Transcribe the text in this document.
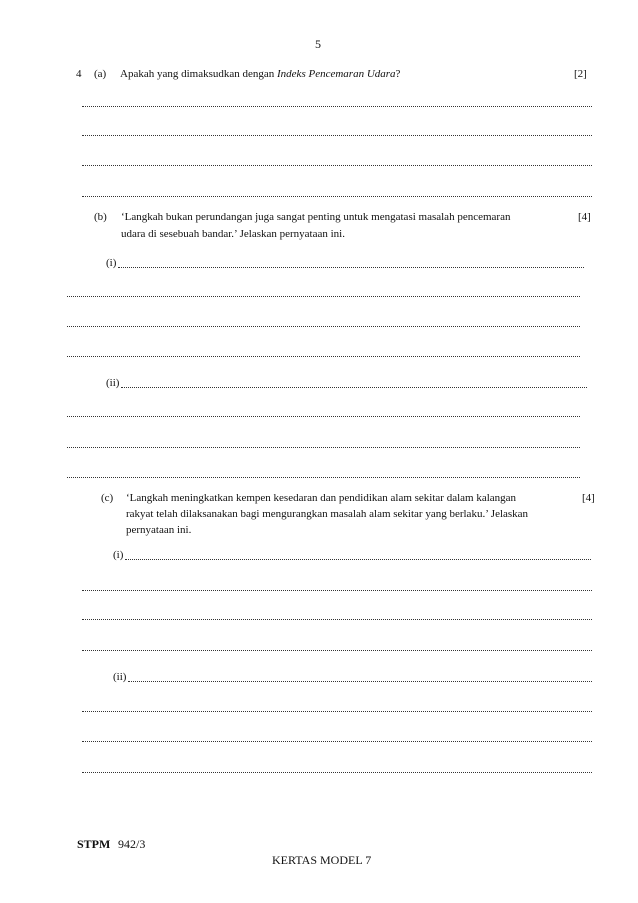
5
4 (a) Apakah yang dimaksudkan dengan Indeks Pencemaran Udara?	[2]
(b) ‘Langkah bukan perundangan juga sangat penting untuk mengatasi masalah pencemaran
udara di sesebuah bandar.’ Jelaskan pernyataan ini.
[4]
(i)
(ii)
(c) ‘Langkah meningkatkan kempen kesedaran dan pendidikan alam sekitar dalam kalangan
rakyat telah dilaksanakan bagi mengurangkan masalah alam sekitar yang berlaku.’ Jelaskan
pernyataan ini.
[4]
(i)
(ii)
STPM 942/3
KERTAS MODEL 7
